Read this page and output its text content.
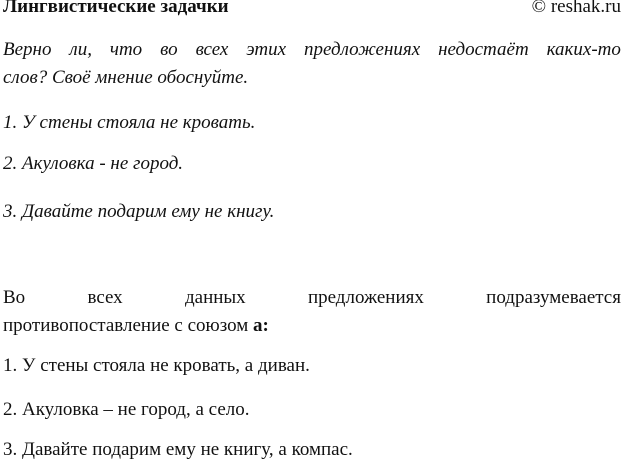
Лингвистические задачки	© reshak.ru
Верно ли, что во всех этих предложениях недостаёт каких-то
слов? Своё мнение обоснуйте.

1. У стены стояла не кровать.

2. Акуловка - не город.

3. Давайте подарим ему не книгу.

Во	всех	данных	предложениях	подразумевается
противопоставление с союзом а:

1. У стены стояла не кровать, а диван.

2. Акуловка – не город, а село.

3. Давайте подарим ему не книгу, а компас.
